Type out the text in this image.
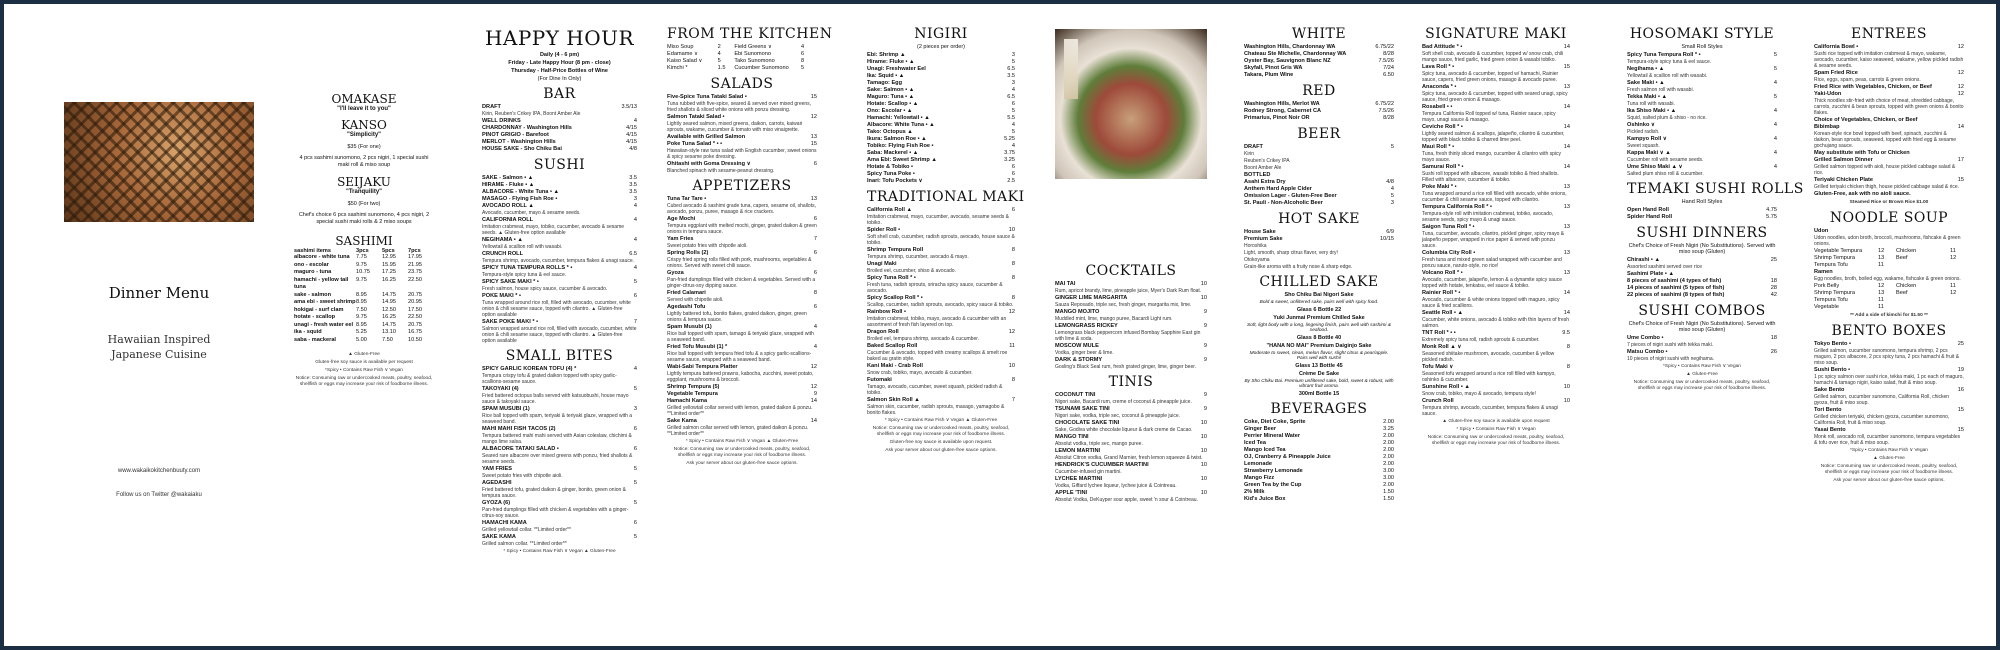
Dinner Menu
Hawaiian Inspired
Japanese Cuisine
www.wakaikokitchenbuuty.com
Follow us on Twitter @wakaiaku
OMAKASE
"I'll leave it to you"
KANSO
"Simplicity"
$35 (For one)
4 pcs sashimi sunomono, 2 pcs nigiri, 1 special sushi maki roll & miso soup
SEIJAKU
"Tranquility"
$50 (For two)
Chef's choice 6 pcs sashimi sunomono, 4 pcs nigiri, 2 special sushi maki rolls & 2 miso soups
SASHIMI
sashimi items	3pcs	5pcs	7pcs
albacore - white tuna	7.75	12.95	17.95
ono - escolar	9.75	15.95	21.95
maguro - tuna	10.75	17.25	23.75
hamachi - yellow tail tuna
9.75	16.25	22.50
sake - salmon	8.95	14.75	20.75
ama ebi - sweet shrimp 8.95	14.95	20.95
hokigai - surf clam	7.50	12.50	17.50
hotate - scallop	9.75	16.25	22.50
unagi - fresh water eel 8.95	14.75	20.75
ika - squid	5.25	13.10	16.75
saba - mackeral	5.00	7.50	10.50
▲ Gluten-Free
Gluten-free soy sauce is available per request
*Spicy • Contains Raw Fish ∨ Vegan
Notice: Consuming raw or undercooked meats, poultry, seafood, shellfish or eggs may increase your risk of foodborne illness.
HAPPY HOUR
Daily (4 - 6 pm)
Friday - Late Happy Hour (8 pm - close)
Thursday - Half-Price Bottles of Wine
(For Dine In Only)
BAR
DRAFT	3.5/13
Kirin, Reuben's Crikey IPA, Boont Amber Ale
WELL DRINKS	4
CHARDONNAY - Washington Hills	4/15
PINOT GRIGIO - Barefoot	4/15
MERLOT - Washington Hills	4/15
HOUSE SAKE - Sho Chiku Bai	4/8
SUSHI
SAKE - Salmon • ▲	3.5
HIRAME - Fluke • ▲	3.5
ALBACORE - White Tuna • ▲	3.5
MASAGO - Flying Fish Roe •	3
AVOCADO ROLL ▲	4
Avocado, cucumber, mayo & sesame seeds.
CALIFORNIA ROLL	4
Imitation crabmeat, mayo, tobiko, cucumber, avocado & sesame seeds. ▲ Gluten-free option available
NEGIHAMA • ▲	4
Yellowtail & scallion roll with wasabi.
CRUNCH ROLL	6.5
Tempura shrimp, avocado, cucumber, tempura flakes & unagi sauce.
SPICY TUNA TEMPURA ROLLS * •	4
Tempura-style spicy tuna & eel sauce.
SPICY SAKE MAKI * •	5
Fresh salmon, house spicy sauce, cucumber & avocado.
POKE MAKI * •	6
Tuna wrapped around rice roll, filled with avocado, cucumber, white onion & chili sesame sauce, topped with cilantro. ▲ Gluten-free option available
SAKE POKE MAKI * •	7
Salmon wrapped around rice roll, filled with avocado, cucumber, white onion & chili sesame sauce, topped with cilantro. ▲ Gluten-free option available
SMALL BITES
SPICY GARLIC KOREAN TOFU (4) *	4
Tempura crispy tofu & grated daikon topped with spicy garlic-scallions-sesame sauce.
TAKOYAKI (4)	5
Fried battered octopus balls served with katsuobushi, house mayo sauce & takoyaki sauce.
SPAM MUSUBI (1)	3
Rice ball topped with spam, teriyaki & teriyaki glaze, wrapped with a seaweed band.
MAHI MAHI FISH TACOS (2)	6
Tempura battered mahi mahi served with Asian coleslaw, chichimi & mango lime salsa.
ALBACORE TATAKI SALAD •	6
Seared rare albacore over mixed greens with ponzu, fried shallots & sesame seeds.
YAM FRIES	5
Sweet potato fries with chipotle aioli.
AGEDASHI	5
Fried battered tofu, grated daikon & ginger, bonito, green onion & tempura sauce.
GYOZA (6)	5
Pan-fried dumplings filled with chicken & vegetables with a ginger-citrus-soy sauce.
HAMACHI KAMA	6
Grilled yellowtail collar. **Limited order**
SAKE KAMA	5
Grilled salmon collar. **Limited order**
* Spicy • Contains Raw Fish ∨ Vegan ▲ Gluten-Free
FROM THE KITCHEN
Miso Soup	2	Field Greens ∨	4
Edamame ∨	4	Ebi Sunomono	6
Kaiso Salad ∨	5	Tako Sunomono	8
Kimchi *	1.5	Cucumber Sunomono	5
SALADS
Five-Spice Tuna Tataki Salad •	15
Tuna rubbed with five-spice, seared & served over mixed greens, fried shallots & sliced white onions with ponzu dressing.
Salmon Tataki Salad •	12
Lightly seared salmon, mixed greens, daikon, carrots, kaiwari sprouts, wakame, cucumber & tomato with miso vinaigrette.
Available with Grilled Salmon	13
Poke Tuna Salad * • •	15
Hawaiian-style raw tuna salad with English cucumber, sweet onions & spicy sesame poke dressing.
Ohitashi with Goma Dressing ∨	6
Blanched spinach with sesame-peanut dressing.
APPETIZERS
Tuna Tar Tare •	13
Cubed avocado & sashimi grade tuna, capers, sesame oil, shallots, avocado, ponzu, puree, masago & rice crackers.
Age Mochi	6
Tempura eggplant with melted mochi, ginger, grated daikon & green onions in tempura sauce.
Yam Fries	7
Sweet potato fries with chipotle aioli.
Spring Rolls (2)	6
Crispy fried spring rolls filled with pork, mushrooms, vegetables & onions. Served with sweet chili sauce.
Gyoza	6
Pan-fried dumplings filled with chicken & vegetables. Served with a ginger-citrus-soy dipping sauce.
Fried Calamari	8
Served with chipotle aioli.
Agedashi Tofu	6
Lightly battered tofu, bonito flakes, grated daikon, ginger, green onions & tempura sauce.
Spam Musubi (1)	4
Rice ball topped with spam, tamago & teriyaki glaze, wrapped with a seaweed band.
Fried Tofu Musubi (1) *	4
Rice ball topped with tempura fried tofu & a spicy garlic-scallions-sesame sauce, wrapped with a seaweed band.
Wabi-Sabi Tempura Platter	12
Lightly tempura battered prawns, kabocha, zucchini, sweet potato, eggplant, mushrooms & broccoli.
Shrimp Tempura (5)	12
Vegetable Tempura	9
Hamachi Kama	14
Grilled yellowtail collar served with lemon, grated daikon & ponzu. **Limited order**
Sake Kama	14
Grilled salmon collar served with lemon, grated daikon & ponzu. **Limited order**
* Spicy • Contains Raw Fish ∨ Vegan ▲ Gluten-Free
Notice: Consuming raw or undercooked meats, poultry, seafood, shellfish or eggs may increase your risk of foodborne illness.
Ask your server about our gluten-free sauce options.
NIGIRI
(2 pieces per order)
Ebi: Shrimp ▲	3
Hirame: Fluke • ▲	5
Unagi: Freshwater Eel	6.5
Ika: Squid • ▲	3.5
Tamago: Egg	3
Sake: Salmon • ▲	4
Maguro: Tuna • ▲	6.5
Hotate: Scallop • ▲	6
Ono: Escolar • ▲	5
Hamachi: Yellowtail • ▲	5.5
Albacore: White Tuna • ▲	4
Tako: Octopus ▲	5
Ikura: Salmon Roe • ▲	5.25
Tobiko: Flying Fish Roe •	4
Saba: Mackerel • ▲	3.75
Ama Ebi: Sweet Shrimp ▲	3.25
Hotate & Tobiko •	6
Spicy Tuna Poke •	6
Inari: Tofu Pockets ∨	2.5
TRADITIONAL MAKI
California Roll ▲	6
Imitation crabmeat, mayo, cucumber, avocado, sesame seeds & tobiko.
Spider Roll •	10
Soft shell crab, cucumber, radish sprouts, avocado, house sauce & tobiko.
Shrimp Tempura Roll	8
Tempura shrimp, cucumber, avocado & mayo.
Unagi Maki	8
Broiled eel, cucumber, shiso & avocado.
Spicy Tuna Roll * •	8
Fresh tuna, radish sprouts, sriracha spicy sauce, cucumber & avocado.
Spicy Scallop Roll * •	8
Scallop, cucumber, radish sprouts, avocado, spicy sauce & tobiko.
Rainbow Roll •	12
Imitation crabmeat, tobiko, mayo, avocado & cucumber with an assortment of fresh fish layered on top.
Dragon Roll	12
Broiled eel, tempura shrimp, avocado & cucumber.
Baked Scallop Roll	11
Cucumber & avocado, topped with creamy scallops & smelt roe baked au gratin style.
Kani Maki - Crab Roll	10
Snow crab, tobiko, mayo, avocado & cucumber.
Futomaki	8
Tamago, avocado, cucumber, sweet squash, pickled radish & tobiko.
Salmon Skin Roll ▲	7
Salmon skin, cucumber, radish sprouts, masago, yamagobo & bonito flakes.
* Spicy • Contains Raw Fish ∨ Vegan ▲ Gluten-Free
Notice: Consuming raw or undercooked meats, poultry, seafood, shellfish or eggs may increase your risk of foodborne illness.
Gluten-free soy sauce is available upon request.
Ask your server about our gluten-free sauce options.
COCKTAILS
MAI TAI	10
Rum, apricot brandy, lime, pineapple juice, Myer's Dark Rum float.
GINGER LIME MARGARITA	10
Sauza Reposado, triple sec, fresh ginger, margarita mix, lime.
MANGO MOJITO	9
Muddled mint, lime, mango puree, Bacardi Light rum.
LEMONGRASS RICKEY	9
Lemongrass black peppercorn infused Bombay Sapphire East gin with lime & soda.
MOSCOW MULE	9
Vodka, ginger beer & lime.
DARK & STORMY	9
Gosling's Black Seal rum, fresh grated ginger, lime, ginger beer.
TINIS
COCONUT TINI	9
Nigori sake, Bacardi rum, creme of coconut & pineapple juice.
TSUNAMI SAKE TINI	9
Nigori sake, vodka, triple sec, coconut & pineapple juice.
CHOCOLATE SAKE TINI	10
Sake, Godiva white chocolate liqueur & dark creme de Cacao.
MANGO TINI	10
Absolut vodka, triple sec, mango puree.
LEMON MARTINI	10
Absolut Citron vodka, Grand Marnier, fresh lemon squeeze & twist.
HENDRICK'S CUCUMBER MARTINI	10
Cucumber-infused gin martini.
LYCHEE MARTINI	10
Vodka, Giffard lychee liqueur, lychee juice & Cointreau.
APPLE 'TINI	10
Absolut Vodka, DeKuyper sour apple, sweet 'n sour & Cointreau.
WHITE
Washington Hills, Chardonnay WA	6.75/22
Chateau Ste Michelle, Chardonnay WA	8/28
Oyster Bay, Sauvignon Blanc NZ	7.5/26
Skyfall, Pinot Gris WA	7/24
Takara, Plum Wine	6.50
RED
Washington Hills, Merlot WA	6.75/22
Rodney Strong, Cabernet CA	7.5/26
Primarius, Pinot Noir OR	8/28
BEER
DRAFT	5
Kirin
Reuben's Crikey IPA
Boont Amber Ale
BOTTLED
Asahi Extra Dry	4/8
Anthem Hard Apple Cider	4
Omission Lager - Gluten-Free Beer	5
St. Pauli - Non-Alcoholic Beer	3
HOT SAKE
House Sake	6/9
Premium Sake	10/15
Horoshika
Light, smooth, sharp citrus flavor, very dry!
Otokoyama
Grain-like aroma with a fruity nose & sharp edge.
CHILLED SAKE
Sho Chiku Bai Nigori Sake
Bold & sweet, unfiltered sake, pairs well with spicy food.
Glass 6 Bottle 22
Yuki Junmai Premium Chilled Sake
Soft, light body with a long, lingering finish, pairs well with sashimi & seafood.
Glass 8 Bottle 40
"HANA NO MAI" Premium Daiginjo Sake
Moderate to sweet, clean, melon flavor, slight citrus & pear/apple. Pairs well with sushi!
Glass 13 Bottle 45
Crème De Sake
By Sho Chiku Bai. Premium unfiltered sake, bold, sweet & robust, with vibrant fruit aroma.
300ml Bottle 15
BEVERAGES
Coke, Diet Coke, Sprite	2.00
Ginger Beer	3.25
Perrier Mineral Water	2.00
Iced Tea	2.00
Mango Iced Tea	2.00
OJ, Cranberry & Pineapple Juice	2.00
Lemonade	2.00
Strawberry Lemonade	3.00
Mango Fizz	3.00
Green Tea by the Cup	2.00
2% Milk	1.50
Kid's Juice Box	1.50
SIGNATURE MAKI
Bad Attitude * •	14
Soft shell crab, avocado & cucumber, topped w/ snow crab, chili mango sauce, fried garlic, fried green onion & wasabi tobiko.
Lava Roll * •	15
Spicy tuna, avocado & cucumber, topped w/ hamachi, Rainier sauce, capers, fried green onions, masago & avocado puree.
Anaconda * •	13
Spicy tuna, avocado & cucumber, topped with seared unagi, spicy sauce, fried green onion & masago.
Rosabell • •	14
Tempura California Roll topped w/ tuna, Rainier sauce, spicy mayo, unagi sauce & masago.
Ceviche Roll * •	14
Lightly seared salmon & scallops, jalapeño, cilantro & cucumber, topped with black tobiko & charred lime peel.
Maui Roll * •	14
Tuna, fresh thinly sliced mango, cucumber & cilantro with spicy mayo sauce.
Samurai Roll * •	14
Sushi roll topped with albacore, wasabi tobiko & fried shallots. Filled with albacore, cucumber & tobiko.
Poke Maki * •	13
Tuna wrapped around a rice roll filled with avocado, white onions, cucumber & chili sesame sauce, topped with cilantro.
Tempura California Roll * •	13
Tempura-style roll with imitation crabmeat, tobiko, avocado, sesame seeds, spicy mayo & unagi sauce.
Saigon Tuna Roll * •	13
Tuna, cucumber, avocado, cilantro, pickled ginger, spicy mayo & jalapeño pepper, wrapped in rice paper & served with ponzu sauce.
Columbia City Roll •	13
Fresh tuna and mixed green salad wrapped with cucumber and ponzu sauce, naruto-style, no rice!
Volcano Roll * •	13
Avocado, cucumber, jalapeño, lemon & a dynamite spicy sauce topped with hotate, tenkatsu, eel sauce & tobiko.
Rainier Roll * •	14
Avocado, cucumber & white onions topped with maguro, spicy sauce & fried scallions.
Seattle Roll • ▲	14
Cucumber, white onions, avocado & tobiko with thin layers of fresh salmon.
TNT Roll * • •	9.5
Extremely spicy tuna roll, radish sprouts & cucumber.
Monk Roll ▲ ∨	8
Seasoned shiitake mushroom, avocado, cucumber & yellow pickled radish.
Tofu Maki ∨	8
Seasoned tofu wrapped around a rice roll filled with kampyo, oshinko & cucumber.
Sunshine Roll • ▲	10
Snow crab, tobiko, mayo & avocado, tempura style!
Crunch Roll	10
Tempura shrimp, avocado, cucumber, tempura flakes & unagi sauce.
▲ Gluten-free soy sauce is available upon request
* Spicy • Contains Raw Fish ∨ Vegan
Notice: Consuming raw or undercooked meats, poultry, seafood, shellfish or eggs may increase your risk of foodborne illness.
HOSOMAKI STYLE
Small Roll Styles
Spicy Tuna Tempura Roll * •	5
Tempura-style spicy tuna & eel sauce.
Negihama • ▲	5
Yellowtail & scallion roll with wasabi.
Sake Maki • ▲	4
Fresh salmon roll with wasabi.
Tekka Maki • ▲	5
Tuna roll with wasabi.
Ika Shiso Maki • ▲	4
Squid, salted plum & shiso - no rice.
Oshinko ∨	4
Pickled radish.
Kampyo Roll ∨	4
Sweet squash.
Kappa Maki ∨ ▲	4
Cucumber roll with sesame seeds.
Ume Shiso Maki ▲ ∨	4
Salted plum shiso roll & cucumber.
TEMAKI SUSHI ROLLS
Hand Roll Styles
Open Hand Roll	4.75
Spider Hand Roll	5.75
SUSHI DINNERS
Chef's Choice of Fresh Nigiri (No Substitutions). Served with miso soup (Gluten)
Chirashi • ▲	25
Assorted sashimi served over rice
Sashimi Plate • ▲
8 pieces of sashimi (4 types of fish)	18
14 pieces of sashimi (5 types of fish)	28
22 pieces of sashimi (8 types of fish)	42
SUSHI COMBOS
Chef's Choice of Fresh Nigiri (No Substitutions). Served with miso soup (Gluten)
Ume Combo •	18
7 pieces of nigiri sushi with tekka maki.
Matsu Combo •	26
10 pieces of nigiri sushi with negihama.
*Spicy • Contains Raw Fish ∨ Vegan
▲ Gluten-Free
Notice: Consuming raw or undercooked meats, poultry, seafood, shellfish or eggs may increase your risk of foodborne illness.
ENTREES
California Bowl •	12
Sushi rice topped with imitation crabmeat & mayo, wakame, avocado, cucumber, kaiso seaweed, wakame, yellow pickled radish & sesame seeds.
Spam Fried Rice	12
Rice, eggs, spam, peas, carrots & green onions.
Fried Rice with Vegetables, Chicken, or Beef	12
Yaki-Udon	12
Thick noodles stir-fried with choice of meat, shredded cabbage, carrots, zucchini & bean sprouts, topped with green onions & bonito flakes.
Choice of Vegetables, Chicken, or Beef
Bibimbap	14
Korean-style rice bowl topped with beef, spinach, zucchini & daikon, bean sprouts, seaweed, topped with fried egg & sesame gochujang sauce.
May substitute with Tofu or Chicken
Grilled Salmon Dinner	17
Grilled salmon topped with aioli, house pickled cabbage salad & rice.
Teriyaki Chicken Plate	15
Grilled teriyaki chicken thigh, house pickled cabbage salad & rice.
Gluten-Free, ask with no aioli sauce.
Steamed Rice or Brown Rice $1.00
NOODLE SOUP
Udon
Udon noodles, udon broth, broccoli, mushrooms, fishcake & green onions.
Vegetable Tempura	12	Chicken	11
Shrimp Tempura	13	Beef	12
Tempura Tofu	11
Ramen
Egg noodles, broth, boiled egg, wakame, fishcake & green onions.
Pork Belly	12	Chicken	11
Shrimp Tempura	13	Beef	12
Tempura Tofu	11
Vegetable	11
** Add a side of kimchi for $1.50 **
BENTO BOXES
Tokyo Bento •	25
Grilled salmon, cucumber sunomono, tempura shrimp, 2 pcs maguro, 2 pcs albacore, 2 pcs spicy tuna, 2 pcs hamachi & fruit & miso soup.
Sushi Bento •	19
1 pc spicy salmon over sushi rice, tekka maki, 1 pc each of maguro, hamachi & tamago nigiri, kaiso salad, fruit & miso soup.
Sake Bento	16
Grilled salmon, cucumber sunomono, California Roll, chicken gyoza, fruit & miso soup.
Tori Bento	15
Grilled chicken teriyaki, chicken gyoza, cucumber sunomono, California Roll, fruit & miso soup.
Yasai Bento	15
Monk roll, avocado roll, cucumber sunomono, tempura vegetables & tofu over rice, fruit & miso soup.
*Spicy • Contains Raw Fish ∨ Vegan
▲ Gluten-Free
Notice: Consuming raw or undercooked meats, poultry, seafood, shellfish or eggs may increase your risk of foodborne illness.
Ask your server about our gluten-free sauce options.
